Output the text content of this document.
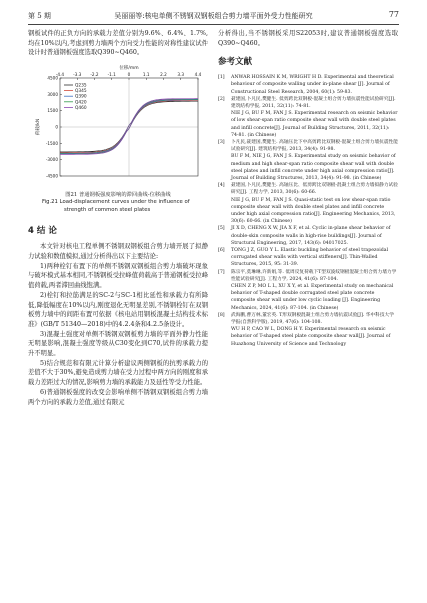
第 5 期	吴丽丽等:核电单侧不锈钢双钢板组合剪力墙平面外受力性能研究	77

钢板试件的正负方向的承载力差值分别为9.6%、6.4%、1.7%,均在10%以内,考虑到剪力墙两个方向受力性能的对称性建议试件设计时普通钢板强度选取Q390~Q460。

-4.4 -3.3 -2.2 -1.1	0	1.1	2.2	3.3	4.4
位移/mm
4500
3000
1500
0
-1500
-3000
-4500
荷载/kN
Q235
Q345
Q390
Q420
Q460
图21 普通钢板强度影响的滞回曲线-位移曲线
Fig.21 Load-displacement curves under the influence of
strength of common steel plates
4 结 论

本文针对核电工程单侧不锈钢双钢板组合剪力墙开展了拟静力试验和数值模拟,通过分析得出以下主要结论:

1)两种栓钉布置下的单侧不锈钢双钢板组合剪力墙破坏现象与破坏模式基本相同,不锈钢板受拉峰值荷载高于普通钢板受拉峰值荷载,两者滞回曲线饱满。

2)栓钉和拉筋满足的SC-2与SC-1相比延性和承载力有所降低,降低幅度在10%以内,刚度退化无明显差别,不锈钢栓钉在双钢板剪力墙中的间距布置可依据《核电站用钢板混凝土结构技术标准》(GB/T 51340—2018)中的4.2.4条和4.2.5条设计。

3)混凝土强度对单侧不锈钢双钢板剪力墙的平面外静力性能无明显影响,混凝土强度等级从C30变化到C70,试件的承载力提升不明显。

5)结合规范和有限元计算分析建议两侧钢板的抗剪承载力的差值不大于30%,避免造成剪力墙在受力过程中两方向的刚度和承载力差距过大的情况,影响剪力墙的承载能力及延性等受力性能。

6)普通钢板强度的改变会影响单侧不锈钢双钢板组合剪力墙两个方向的承载力差值,通过有限元

分析得出,当不锈钢板采用S22053时,建议普通钢板强度选取Q390~Q460。

参考文献
[1] ANWAR HOSSAIN K M, WRIGHT H D. Experimental and theoretical behaviour of composite walling under in-plane shear [J]. Journal of Constructional Steel Research, 2004, 60(1): 59-83.
[2] 聂建国,卜凡民,樊健生. 低剪跨比双钢板-混凝土组合剪力墙抗震性能试验研究[J]. 建筑结构学报, 2011, 32(11): 74-81.
NIE J G, BU F M, FAN J S. Experimental research on seismic behavior of low shear-span ratio composite shear wall with double steel plates and infill concrete[J]. Journal of Building Structures, 2011, 32(11): 74-81. (in Chinese)
[3] 卜凡民,聂建国,樊健生. 高轴压比下中高剪跨比双钢板-混凝土组合剪力墙抗震性能试验研究[J]. 建筑结构学报, 2013, 34(4): 91-98.
BU F M, NIE J G, FAN J S. Experimental study on seismic behavior of medium and high shear-span ratio composite shear wall with double steel plates and infill concrete under high axial compression ratio[J]. Journal of Building Structures, 2013, 34(4): 91-98. (in Chinese)
[4] 聂建国,卜凡民,樊健生. 高轴压比、低剪跨比双钢板-混凝土组合剪力墙拟静力试验研究[J]. 工程力学, 2013, 30(6): 60-66.
NIE J G, BU F M, FAN J S. Quasi-static test on low shear-span ratio composite shear wall with double steel plates and infill concrete under high axial compression ratio[J]. Engineering Mechanics, 2013, 30(6): 60-66. (in Chinese)
[5] JI X D, CHENG X W, JIA X F, et al. Cyclic in-plane shear behavior of double-skin composite walls in high-rise buildings[J]. Journal of Structural Engineering, 2017, 143(6): 04017025.
[6] TONG J Z, GUO Y L. Elastic buckling behavior of steel trapezoidal corrugated shear walls with vertical stiffeners[J]. Thin-Walled Structures, 2015, 95: 31-39.
[7] 陈宗平,莫琳琳,许新娟,等. 低周反复荷载下T型双波纹钢板混凝土组合剪力墙力学性能试验研究[J]. 工程力学, 2024, 41(6): 87-104.
CHEN Z P, MO L L, XU X Y, et al. Experimental study on mechanical behavior of T-shaped double corrugated steel plate concrete composite shear wall under low cyclic loading [J]. Engineering Mechanics, 2024, 41(6): 87-104. (in Chinese)
[8] 武海鹏,曹万林,董宏英. T形双钢板混凝土组合剪力墙抗震试验[J]. 华中科技大学学报(自然科学版), 2019, 47(6): 104-108.
WU H P, CAO W L, DONG H Y. Experimental research on seismic behavior of T-shaped steel plate composite shear wall[J]. Journal of Huazhong University of Science and Technology
